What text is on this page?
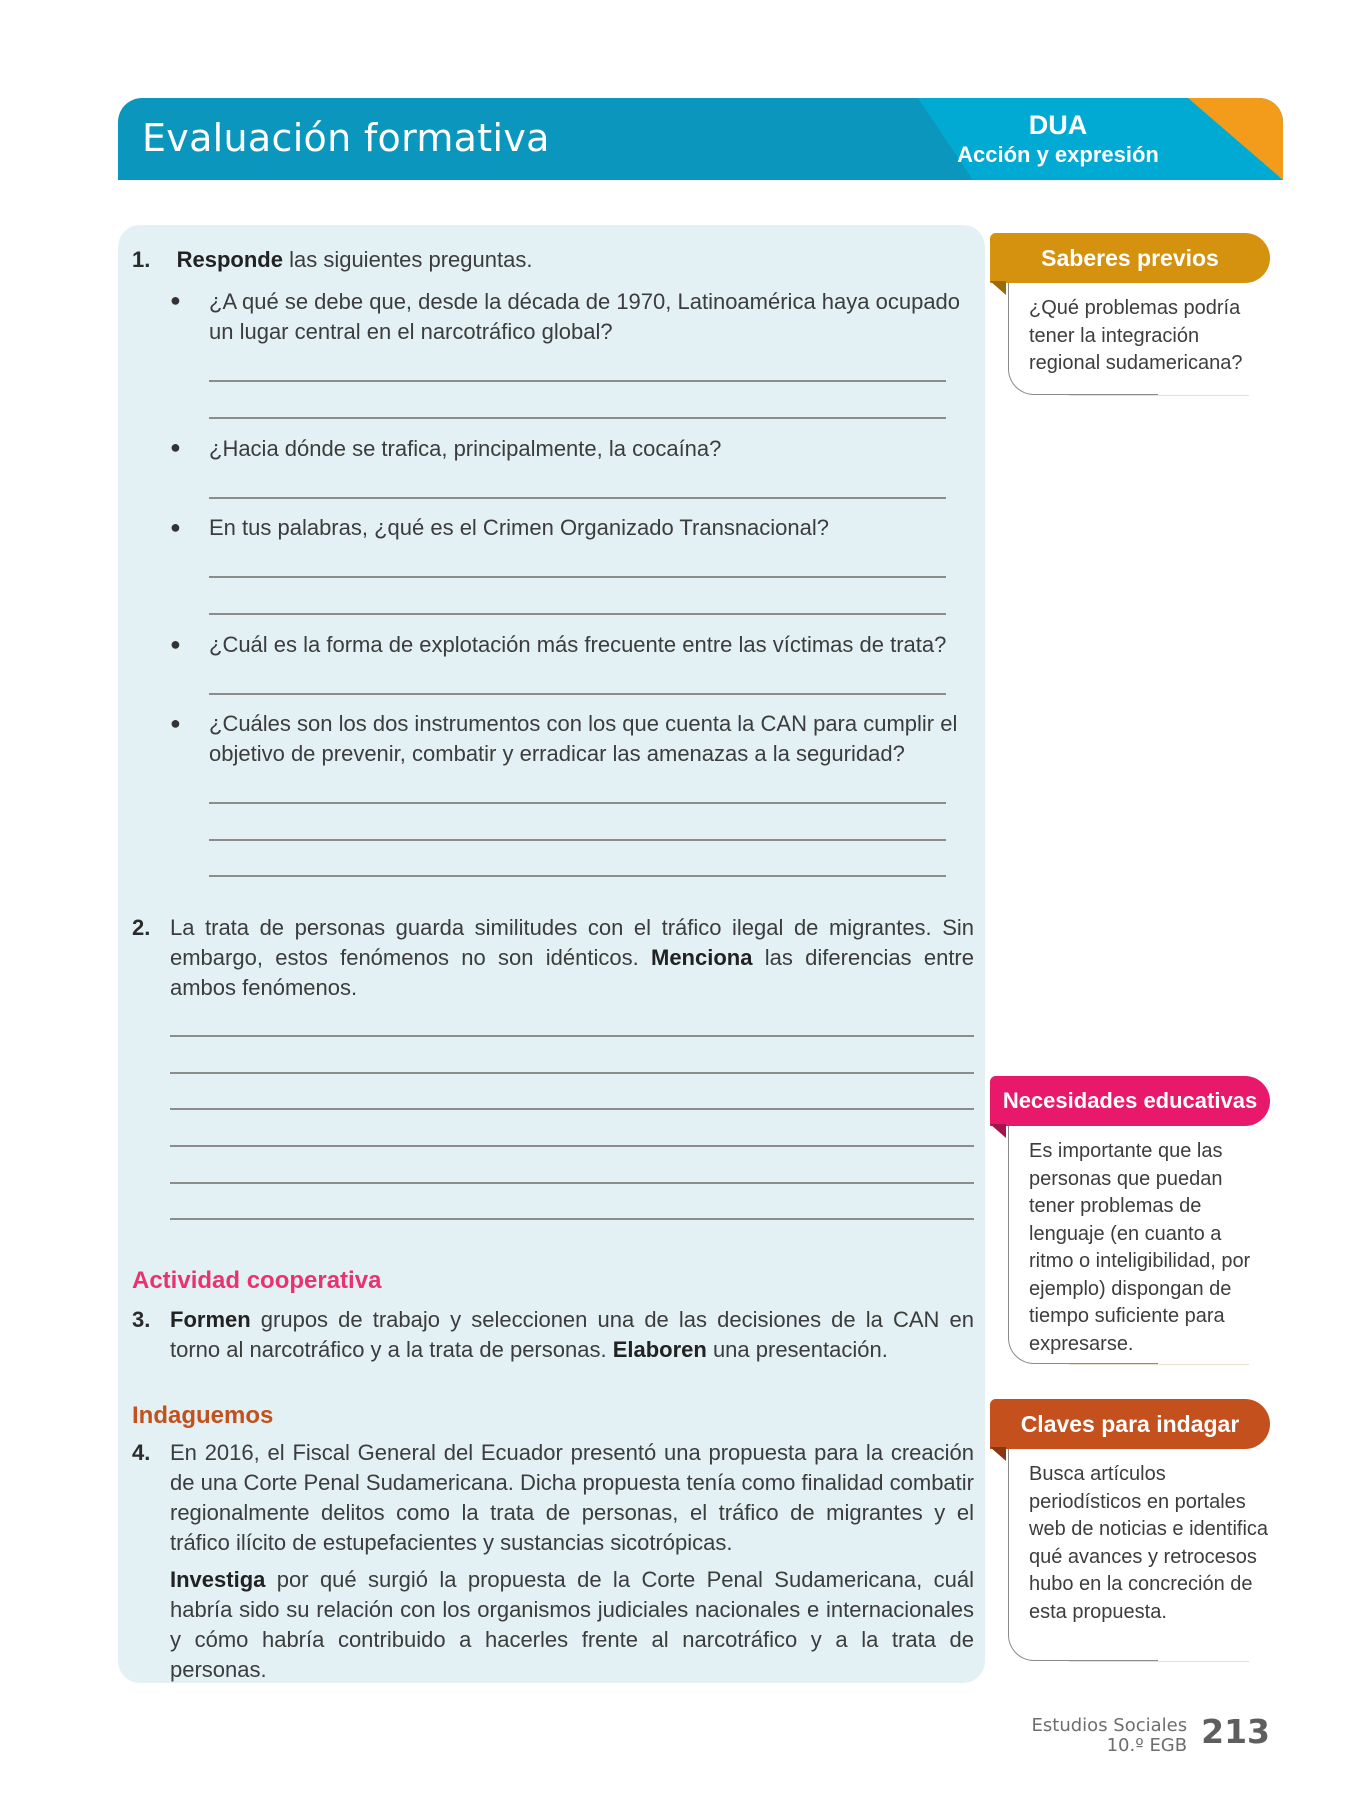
Evaluación formativa	DUA
Acción y expresión
1. Responde las siguientes preguntas.
● ¿A qué se debe que, desde la década de 1970, Latinoamérica haya ocupado un lugar central en el narcotráfico global?
● ¿Hacia dónde se trafica, principalmente, la cocaína?
● En tus palabras, ¿qué es el Crimen Organizado Transnacional?
● ¿Cuál es la forma de explotación más frecuente entre las víctimas de trata?
● ¿Cuáles son los dos instrumentos con los que cuenta la CAN para cumplir el objetivo de prevenir, combatir y erradicar las amenazas a la seguridad?
2. La trata de personas guarda similitudes con el tráfico ilegal de migrantes. Sin embargo, estos fenómenos no son idénticos. Menciona las diferencias entre ambos fenómenos.
Actividad cooperativa
3. Formen grupos de trabajo y seleccionen una de las decisiones de la CAN en torno al narcotráfico y a la trata de personas. Elaboren una presentación.
Indaguemos
4. En 2016, el Fiscal General del Ecuador presentó una propuesta para la creación de una Corte Penal Sudamericana. Dicha propuesta tenía como finalidad combatir regionalmente delitos como la trata de personas, el tráfico de migrantes y el tráfico ilícito de estupefacientes y sustancias sicotrópicas.
Investiga por qué surgió la propuesta de la Corte Penal Sudamericana, cuál habría sido su relación con los organismos judiciales nacionales e internacionales y cómo habría contribuido a hacerles frente al narcotráfico y a la trata de personas.
Saberes previos
¿Qué problemas podría tener la integración regional sudamericana?
Necesidades educativas
Es importante que las personas que puedan tener problemas de lenguaje (en cuanto a ritmo o inteligibilidad, por ejemplo) dispongan de tiempo suficiente para expresarse.
Claves para indagar
Busca artículos periodísticos en portales web de noticias e identifica qué avances y retrocesos hubo en la concreción de esta propuesta.
Estudios Sociales
10.º EGB 213
